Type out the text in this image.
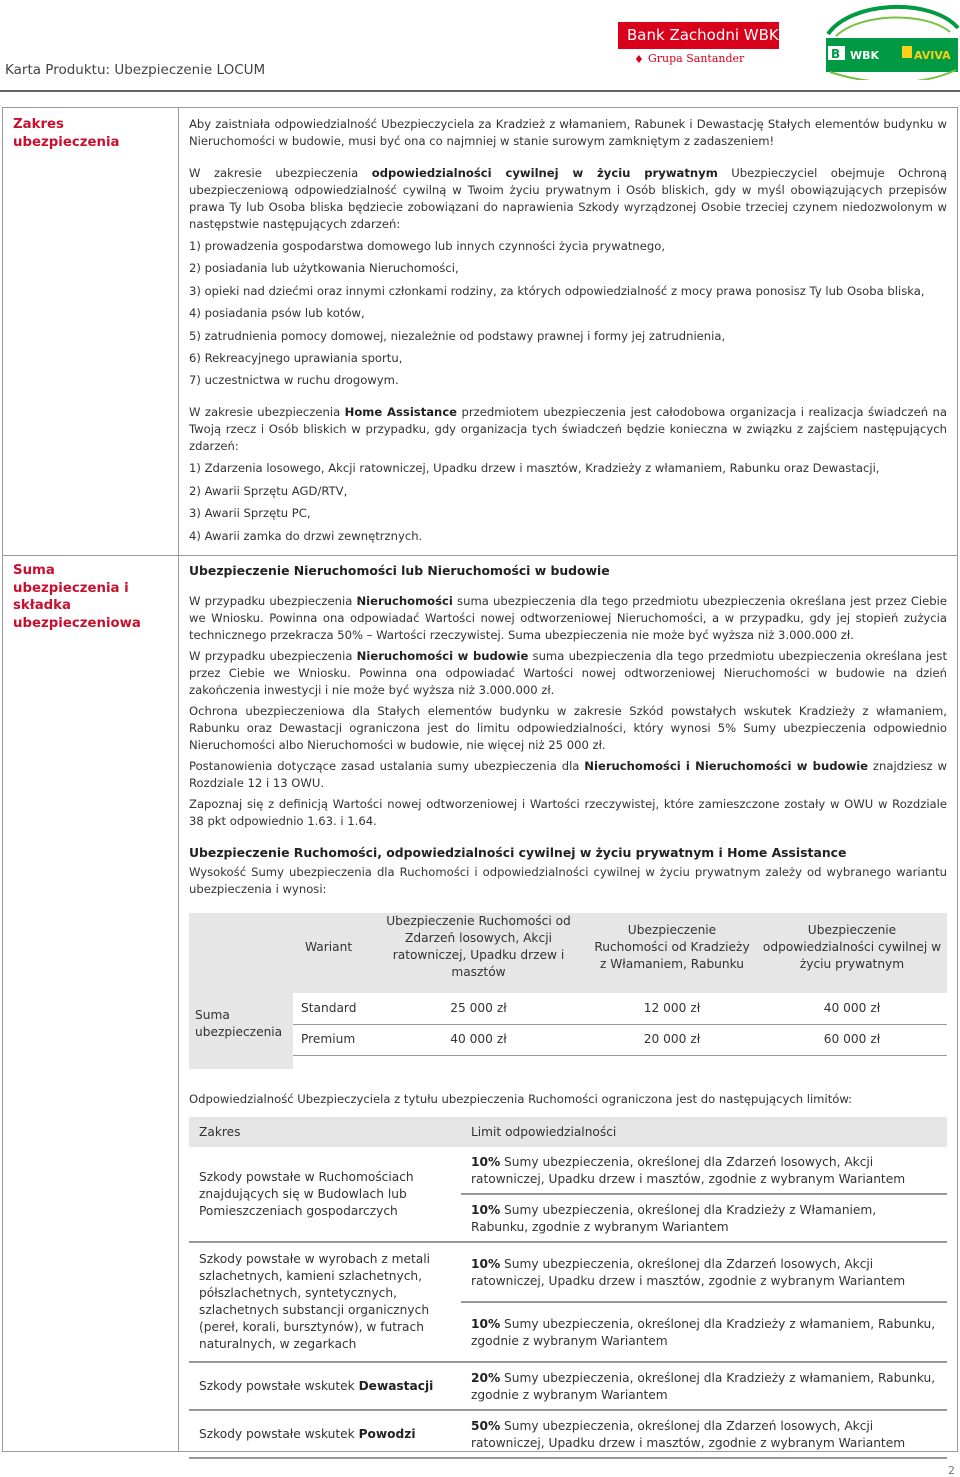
Karta Produktu: Ubezpieczenie LOCUM
Bank Zachodni WBK
♦ Grupa Santander	B WBK	AVIVA
Zakres ubezpieczenia

Aby zaistniała odpowiedzialność Ubezpieczyciela za Kradzież z włamaniem, Rabunek i Dewastację Stałych elementów budynku w Nieruchomości w budowie, musi być ona co najmniej w stanie surowym zamkniętym z zadaszeniem!

W zakresie ubezpieczenia odpowiedzialności cywilnej w życiu prywatnym Ubezpieczyciel obejmuje Ochroną ubezpieczeniową odpowiedzialność cywilną w Twoim życiu prywatnym i Osób bliskich, gdy w myśl obowiązujących przepisów prawa Ty lub Osoba bliska będziecie zobowiązani do naprawienia Szkody wyrządzonej Osobie trzeciej czynem niedozwolonym w następstwie następujących zdarzeń:

1) prowadzenia gospodarstwa domowego lub innych czynności życia prywatnego,
2) posiadania lub użytkowania Nieruchomości,
3) opieki nad dziećmi oraz innymi członkami rodziny, za których odpowiedzialność z mocy prawa ponosisz Ty lub Osoba bliska,
4) posiadania psów lub kotów,
5) zatrudnienia pomocy domowej, niezależnie od podstawy prawnej i formy jej zatrudnienia,
6) Rekreacyjnego uprawiania sportu,
7) uczestnictwa w ruchu drogowym.

W zakresie ubezpieczenia Home Assistance przedmiotem ubezpieczenia jest całodobowa organizacja i realizacja świadczeń na Twoją rzecz i Osób bliskich w przypadku, gdy organizacja tych świadczeń będzie konieczna w związku z zajściem następujących zdarzeń:

1) Zdarzenia losowego, Akcji ratowniczej, Upadku drzew i masztów, Kradzieży z włamaniem, Rabunku oraz Dewastacji,
2) Awarii Sprzętu AGD/RTV,
3) Awarii Sprzętu PC,
4) Awarii zamka do drzwi zewnętrznych.
Suma ubezpieczenia i składka ubezpieczeniowa
Ubezpieczenie Nieruchomości lub Nieruchomości w budowie

W przypadku ubezpieczenia Nieruchomości suma ubezpieczenia dla tego przedmiotu ubezpieczenia określana jest przez Ciebie we Wniosku. Powinna ona odpowiadać Wartości nowej odtworzeniowej Nieruchomości, a w przypadku, gdy jej stopień zużycia technicznego przekracza 50% – Wartości rzeczywistej. Suma ubezpieczenia nie może być wyższa niż 3.000.000 zł.

W przypadku ubezpieczenia Nieruchomości w budowie suma ubezpieczenia dla tego przedmiotu ubezpieczenia określana jest przez Ciebie we Wniosku. Powinna ona odpowiadać Wartości nowej odtworzeniowej Nieruchomości w budowie na dzień zakończenia inwestycji i nie może być wyższa niż 3.000.000 zł.

Ochrona ubezpieczeniowa dla Stałych elementów budynku w zakresie Szkód powstałych wskutek Kradzieży z włamaniem, Rabunku oraz Dewastacji ograniczona jest do limitu odpowiedzialności, który wynosi 5% Sumy ubezpieczenia odpowiednio Nieruchomości albo Nieruchomości w budowie, nie więcej niż 25 000 zł.

Postanowienia dotyczące zasad ustalania sumy ubezpieczenia dla Nieruchomości i Nieruchomości w budowie znajdziesz w Rozdziale 12 i 13 OWU.

Zapoznaj się z definicją Wartości nowej odtworzeniowej i Wartości rzeczywistej, które zamieszczone zostały w OWU w Rozdziale 38 pkt odpowiednio 1.63. i 1.64.

Ubezpieczenie Ruchomości, odpowiedzialności cywilnej w życiu prywatnym i Home Assistance

Wysokość Sumy ubezpieczenia dla Ruchomości i odpowiedzialności cywilnej w życiu prywatnym zależy od wybranego wariantu ubezpieczenia i wynosi:

	Wariant	Ubezpieczenie Ruchomości od Zdarzeń losowych, Akcji ratowniczej, Upadku drzew i masztów	Ubezpieczenie Ruchomości od Kradzieży z Włamaniem, Rabunku	Ubezpieczenie odpowiedzialności cywilnej w życiu prywatnym

Suma ubezpieczenia	Standard	25 000 zł	12 000 zł	40 000 zł
	Premium	40 000 zł	20 000 zł	60 000 zł

Odpowiedzialność Ubezpieczyciela z tytułu ubezpieczenia Ruchomości ograniczona jest do następujących limitów:

Zakres		Limit odpowiedzialności
Szkody powstałe w Ruchomościach znajdujących się w Budowlach lub Pomieszczeniach gospodarczych		10% Sumy ubezpieczenia, określonej dla Zdarzeń losowych, Akcji ratowniczej, Upadku drzew i masztów, zgodnie z wybranym Wariantem
		10% Sumy ubezpieczenia, określonej dla Kradzieży z Włamaniem, Rabunku, zgodnie z wybranym Wariantem
Szkody powstałe w wyrobach z metali szlachetnych, kamieni szlachetnych, półszlachetnych, syntetycznych, szlachetnych substancji organicznych (pereł, korali, bursztynów), w futrach naturalnych, w zegarkach		10% Sumy ubezpieczenia, określonej dla Zdarzeń losowych, Akcji ratowniczej, Upadku drzew i masztów, zgodnie z wybranym Wariantem
		10% Sumy ubezpieczenia, określonej dla Kradzieży z włamaniem, Rabunku, zgodnie z wybranym Wariantem
Szkody powstałe wskutek Dewastacji		20% Sumy ubezpieczenia, określonej dla Kradzieży z włamaniem, Rabunku, zgodnie z wybranym Wariantem
Szkody powstałe wskutek Powodzi		50% Sumy ubezpieczenia, określonej dla Zdarzeń losowych, Akcji ratowniczej, Upadku drzew i masztów, zgodnie z wybranym Wariantem
2
